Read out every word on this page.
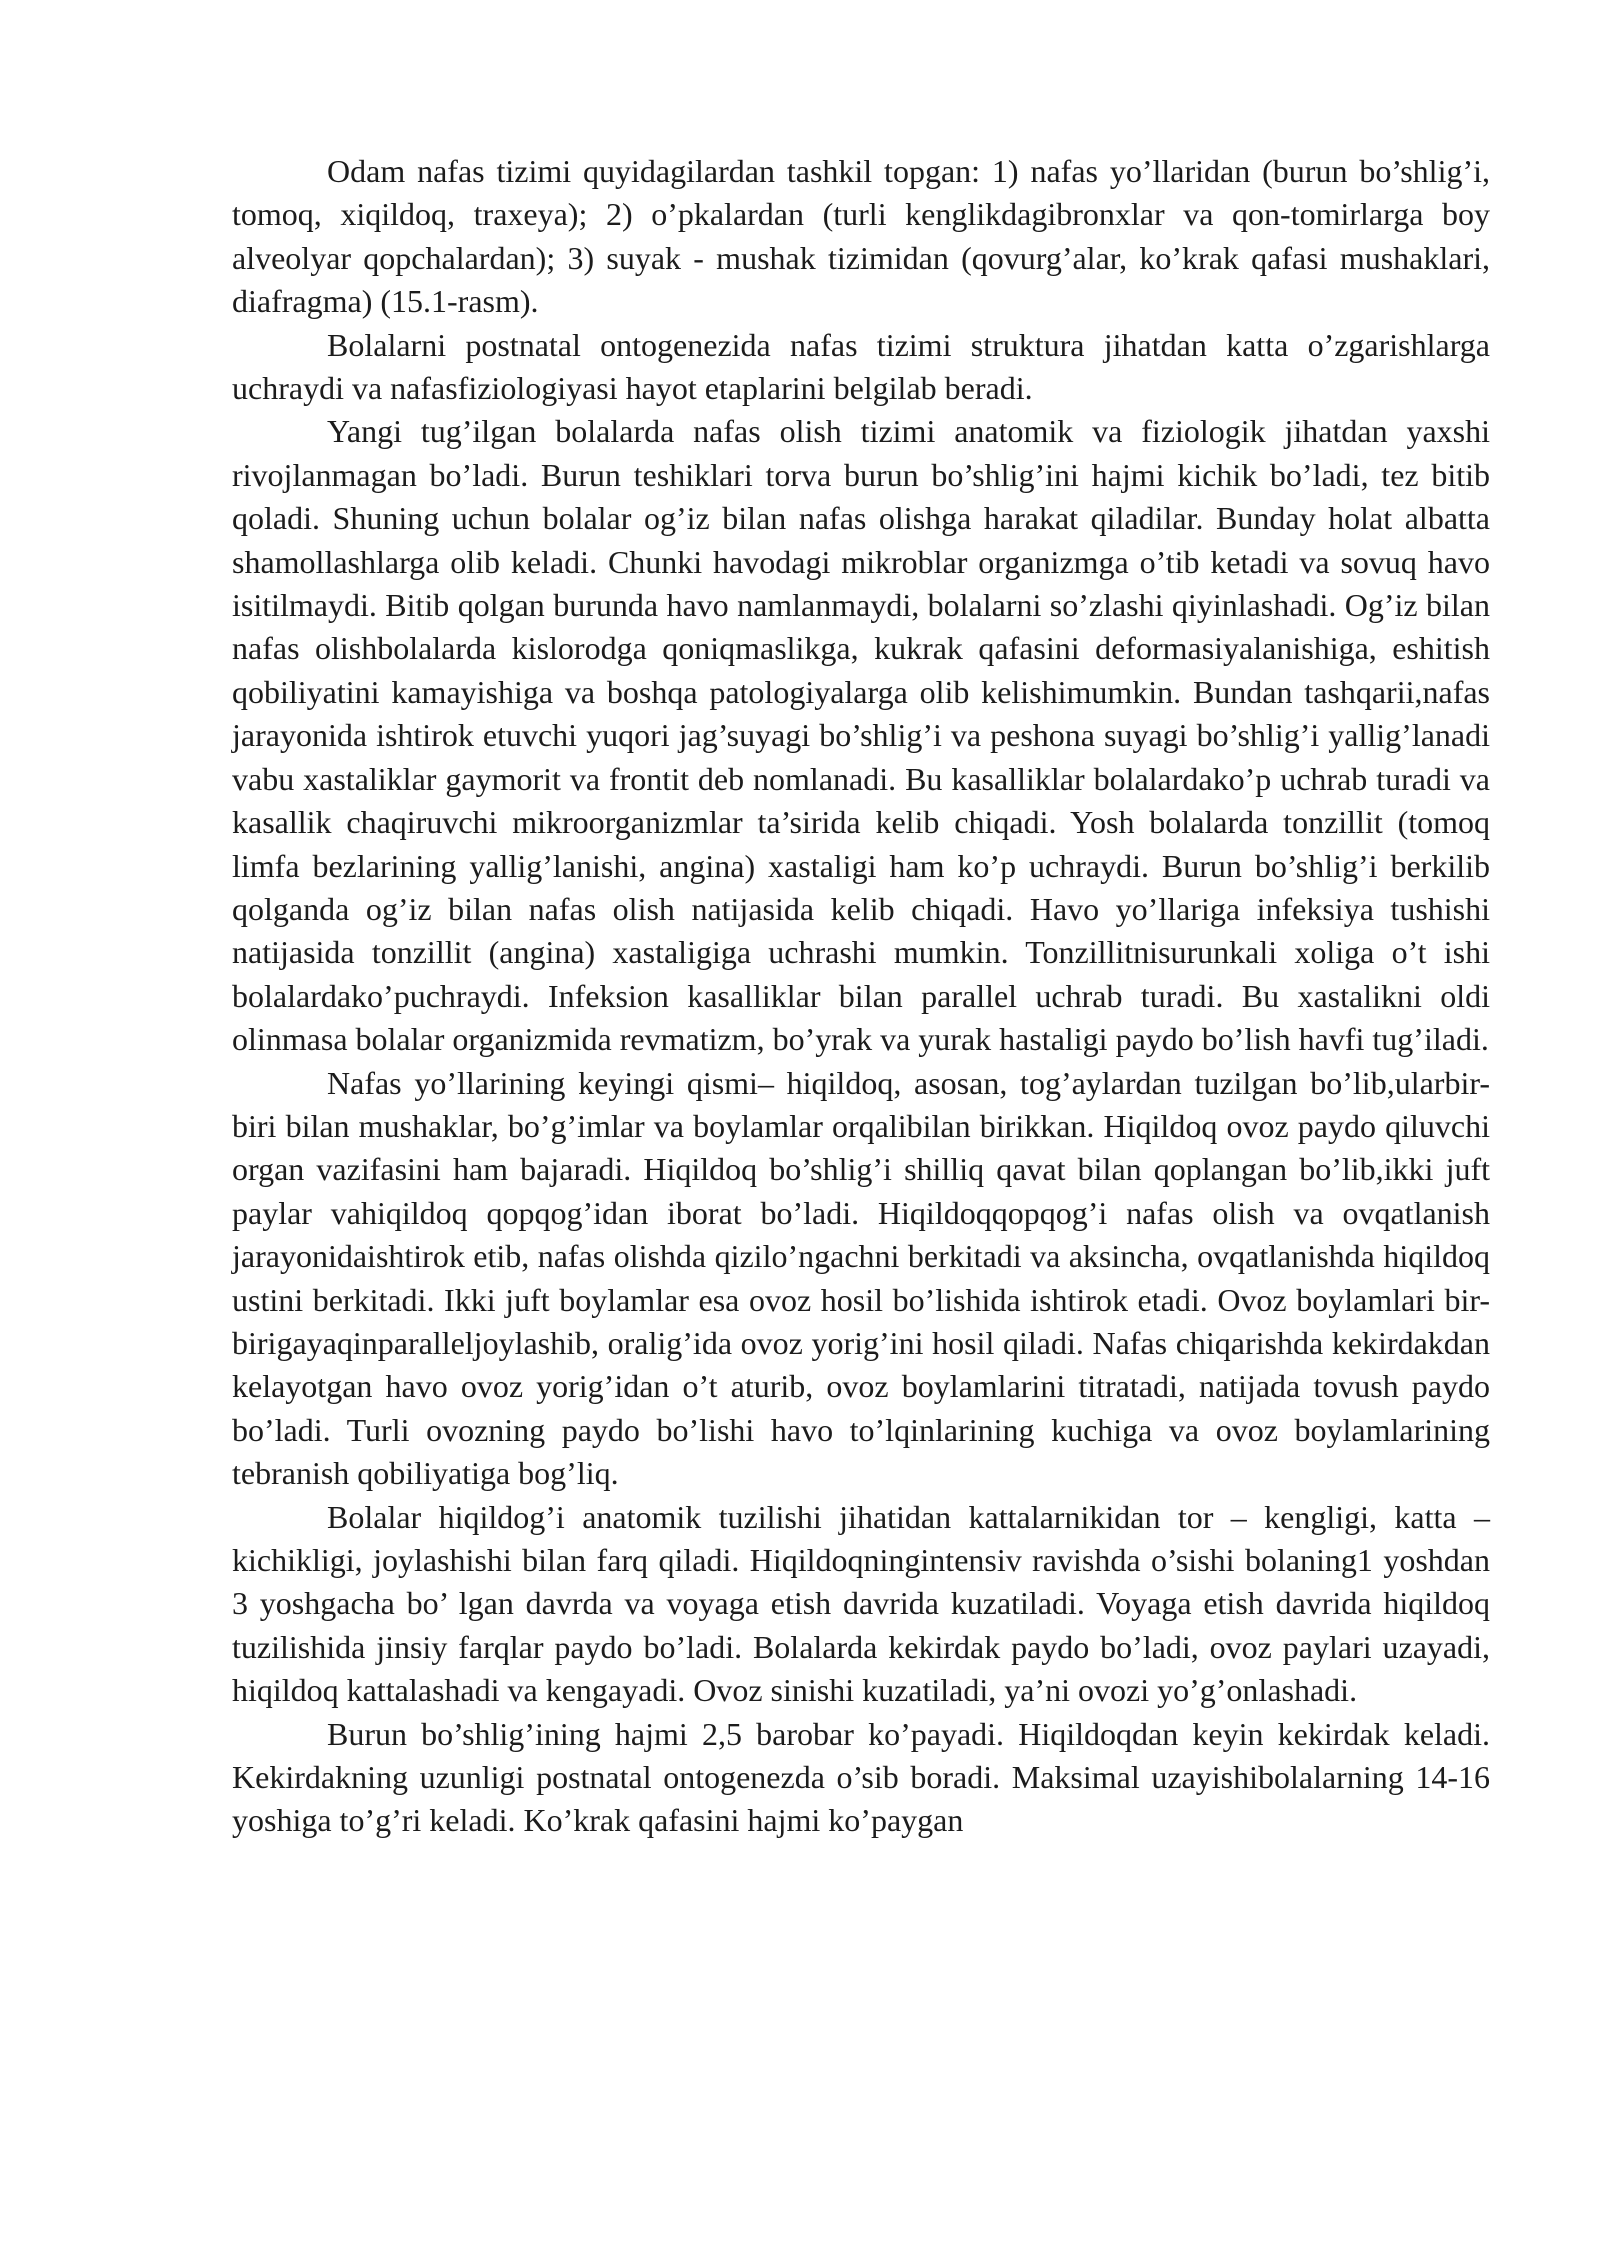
Odam nafas tizimi quyidagilardan tashkil topgan: 1) nafas yo’llaridan (burun bo’shlig’i, tomoq, xiqildoq, traxeya); 2) o’pkalardan (turli kenglikdagibronxlar va qon-tomirlarga boy alveolyar qopchalardan); 3) suyak - mushak tizimidan (qovurg’alar, ko’krak qafasi mushaklari, diafragma) (15.1-rasm).

Bolalarni postnatal ontogenezida nafas tizimi struktura jihatdan katta o’zgarishlarga uchraydi va nafasfiziologiyasi hayot etaplarini belgilab beradi.

Yangi tug’ilgan bolalarda nafas olish tizimi anatomik va fiziologik jihatdan yaxshi rivojlanmagan bo’ladi. Burun teshiklari torva burun bo’shlig’ini hajmi kichik bo’ladi, tez bitib qoladi. Shuning uchun bolalar og’iz bilan nafas olishga harakat qiladilar. Bunday holat albatta shamollashlarga olib keladi. Chunki havodagi mikroblar organizmga o’tib ketadi va sovuq havo isitilmaydi. Bitib qolgan burunda havo namlanmaydi, bolalarni so’zlashi qiyinlashadi. Og’iz bilan nafas olishbolalarda kislorodga qoniqmaslikga, kukrak qafasini deformasiyalanishiga, eshitish qobiliyatini kamayishiga va boshqa patologiyalarga olib kelishimumkin. Bundan tashqarii,nafas jarayonida ishtirok etuvchi yuqori jag’suyagi bo’shlig’i va peshona suyagi bo’shlig’i yallig’lanadi vabu xastaliklar gaymorit va frontit deb nomlanadi. Bu kasalliklar bolalardako’p uchrab turadi va kasallik chaqiruvchi mikroorganizmlar ta’sirida kelib chiqadi. Yosh bolalarda tonzillit (tomoq limfa bezlarining yallig’lanishi, angina) xastaligi ham ko’p uchraydi. Burun bo’shlig’i berkilib qolganda og’iz bilan nafas olish natijasida kelib chiqadi. Havo yo’llariga infeksiya tushishi natijasida tonzillit (angina) xastaligiga uchrashi mumkin. Tonzillitnisurunkali xoliga o’t ishi bolalardako’puchraydi. Infeksion kasalliklar bilan parallel uchrab turadi. Bu xastalikni oldi olinmasa bolalar organizmida revmatizm, bo’yrak va yurak hastaligi paydo bo’lish havfi tug’iladi.

Nafas yo’llarining keyingi qismi– hiqildoq, asosan, tog’aylardan tuzilgan bo’lib,ularbir-biri bilan mushaklar, bo’g’imlar va boylamlar orqalibilan birikkan. Hiqildoq ovoz paydo qiluvchi organ vazifasini ham bajaradi. Hiqildoq bo’shlig’i shilliq qavat bilan qoplangan bo’lib,ikki juft paylar vahiqildoq qopqog’idan iborat bo’ladi. Hiqildoqqopqog’i nafas olish va ovqatlanish jarayonidaishtirok etib, nafas olishda qizilo’ngachni berkitadi va aksincha, ovqatlanishda hiqildoq ustini berkitadi. Ikki juft boylamlar esa ovoz hosil bo’lishida ishtirok etadi. Ovoz boylamlari bir-birigayaqinparalleljoylashib, oralig’ida ovoz yorig’ini hosil qiladi. Nafas chiqarishda kekirdakdan kelayotgan havo ovoz yorig’idan o’t aturib, ovoz boylamlarini titratadi, natijada tovush paydo bo’ladi. Turli ovozning paydo bo’lishi havo to’lqinlarining kuchiga va ovoz boylamlarining tebranish qobiliyatiga bog’liq.

Bolalar hiqildog’i anatomik tuzilishi jihatidan kattalarnikidan tor – kengligi, katta – kichikligi, joylashishi bilan farq qiladi. Hiqildoqningintensiv ravishda o’sishi bolaning1 yoshdan 3 yoshgacha bo’ lgan davrda va voyaga etish davrida kuzatiladi. Voyaga etish davrida hiqildoq tuzilishida jinsiy farqlar paydo bo’ladi. Bolalarda kekirdak paydo bo’ladi, ovoz paylari uzayadi, hiqildoq kattalashadi va kengayadi. Ovoz sinishi kuzatiladi, ya’ni ovozi yo’g’onlashadi.

Burun bo’shlig’ining hajmi 2,5 barobar ko’payadi. Hiqildoqdan keyin kekirdak keladi. Kekirdakning uzunligi postnatal ontogenezda o’sib boradi. Maksimal uzayishibolalarning 14-16 yoshiga to’g’ri keladi. Ko’krak qafasini hajmi ko’paygan
